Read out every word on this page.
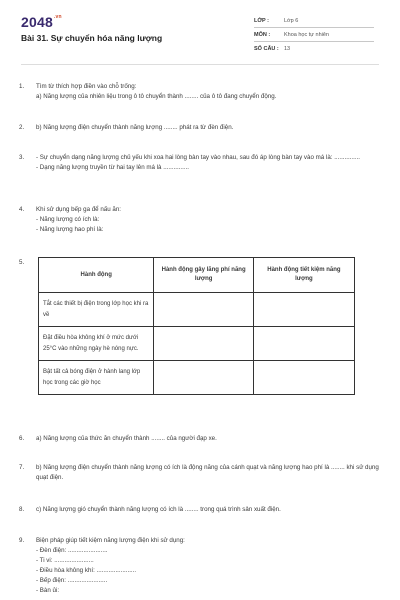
$2048^{.vn}$
Bài 31. Sự chuyển hóa năng lượng
LỚP :	Lớp 6
MÔN :	Khoa học tự nhiên
SỐ CÂU : 13
1. Tìm từ thích hợp điền vào chỗ trống:
a) Năng lượng của nhiên liệu trong ô tô chuyển thành ........ của ô tô đang chuyển động.
2. b) Năng lượng điện chuyển thành năng lượng ........ phát ra từ đèn điện.
3. - Sự chuyển dạng năng lượng chủ yếu khi xoa hai lòng bàn tay vào nhau, sau đó áp lòng bàn tay vào má là: ...............
- Dạng năng lượng truyền từ hai tay lên má là ...............
4. Khi sử dụng bếp ga để nấu ăn:
- Năng lượng có ích là:
- Năng lượng hao phí là:
5.
Hành động	Hành động gây lãng phí năng lượng	Hành động tiết kiệm năng lượng
Tắt các thiết bị điện trong lớp học khi ra về		
Đặt điều hòa không khí ở mức dưới 25°C vào những ngày hè nóng nực.		
Bật tất cả bóng điện ở hành lang lớp học trong các giờ học		
6. a) Năng lượng của thức ăn chuyển thành ........ của người đạp xe.
7. b) Năng lượng điện chuyển thành năng lượng có ích là động năng của cánh quạt và năng lượng hao phí là ........ khi sử dụng quạt điện.
8. c) Năng lượng gió chuyển thành năng lượng có ích là ........ trong quá trình sản xuất điện.
9. Biện pháp giúp tiết kiệm năng lượng điện khi sử dụng:
- Đèn điện: .......................
- Ti vi: .......................
- Điều hòa không khí: .......................
- Bếp điện: .......................
- Bàn ủi:
